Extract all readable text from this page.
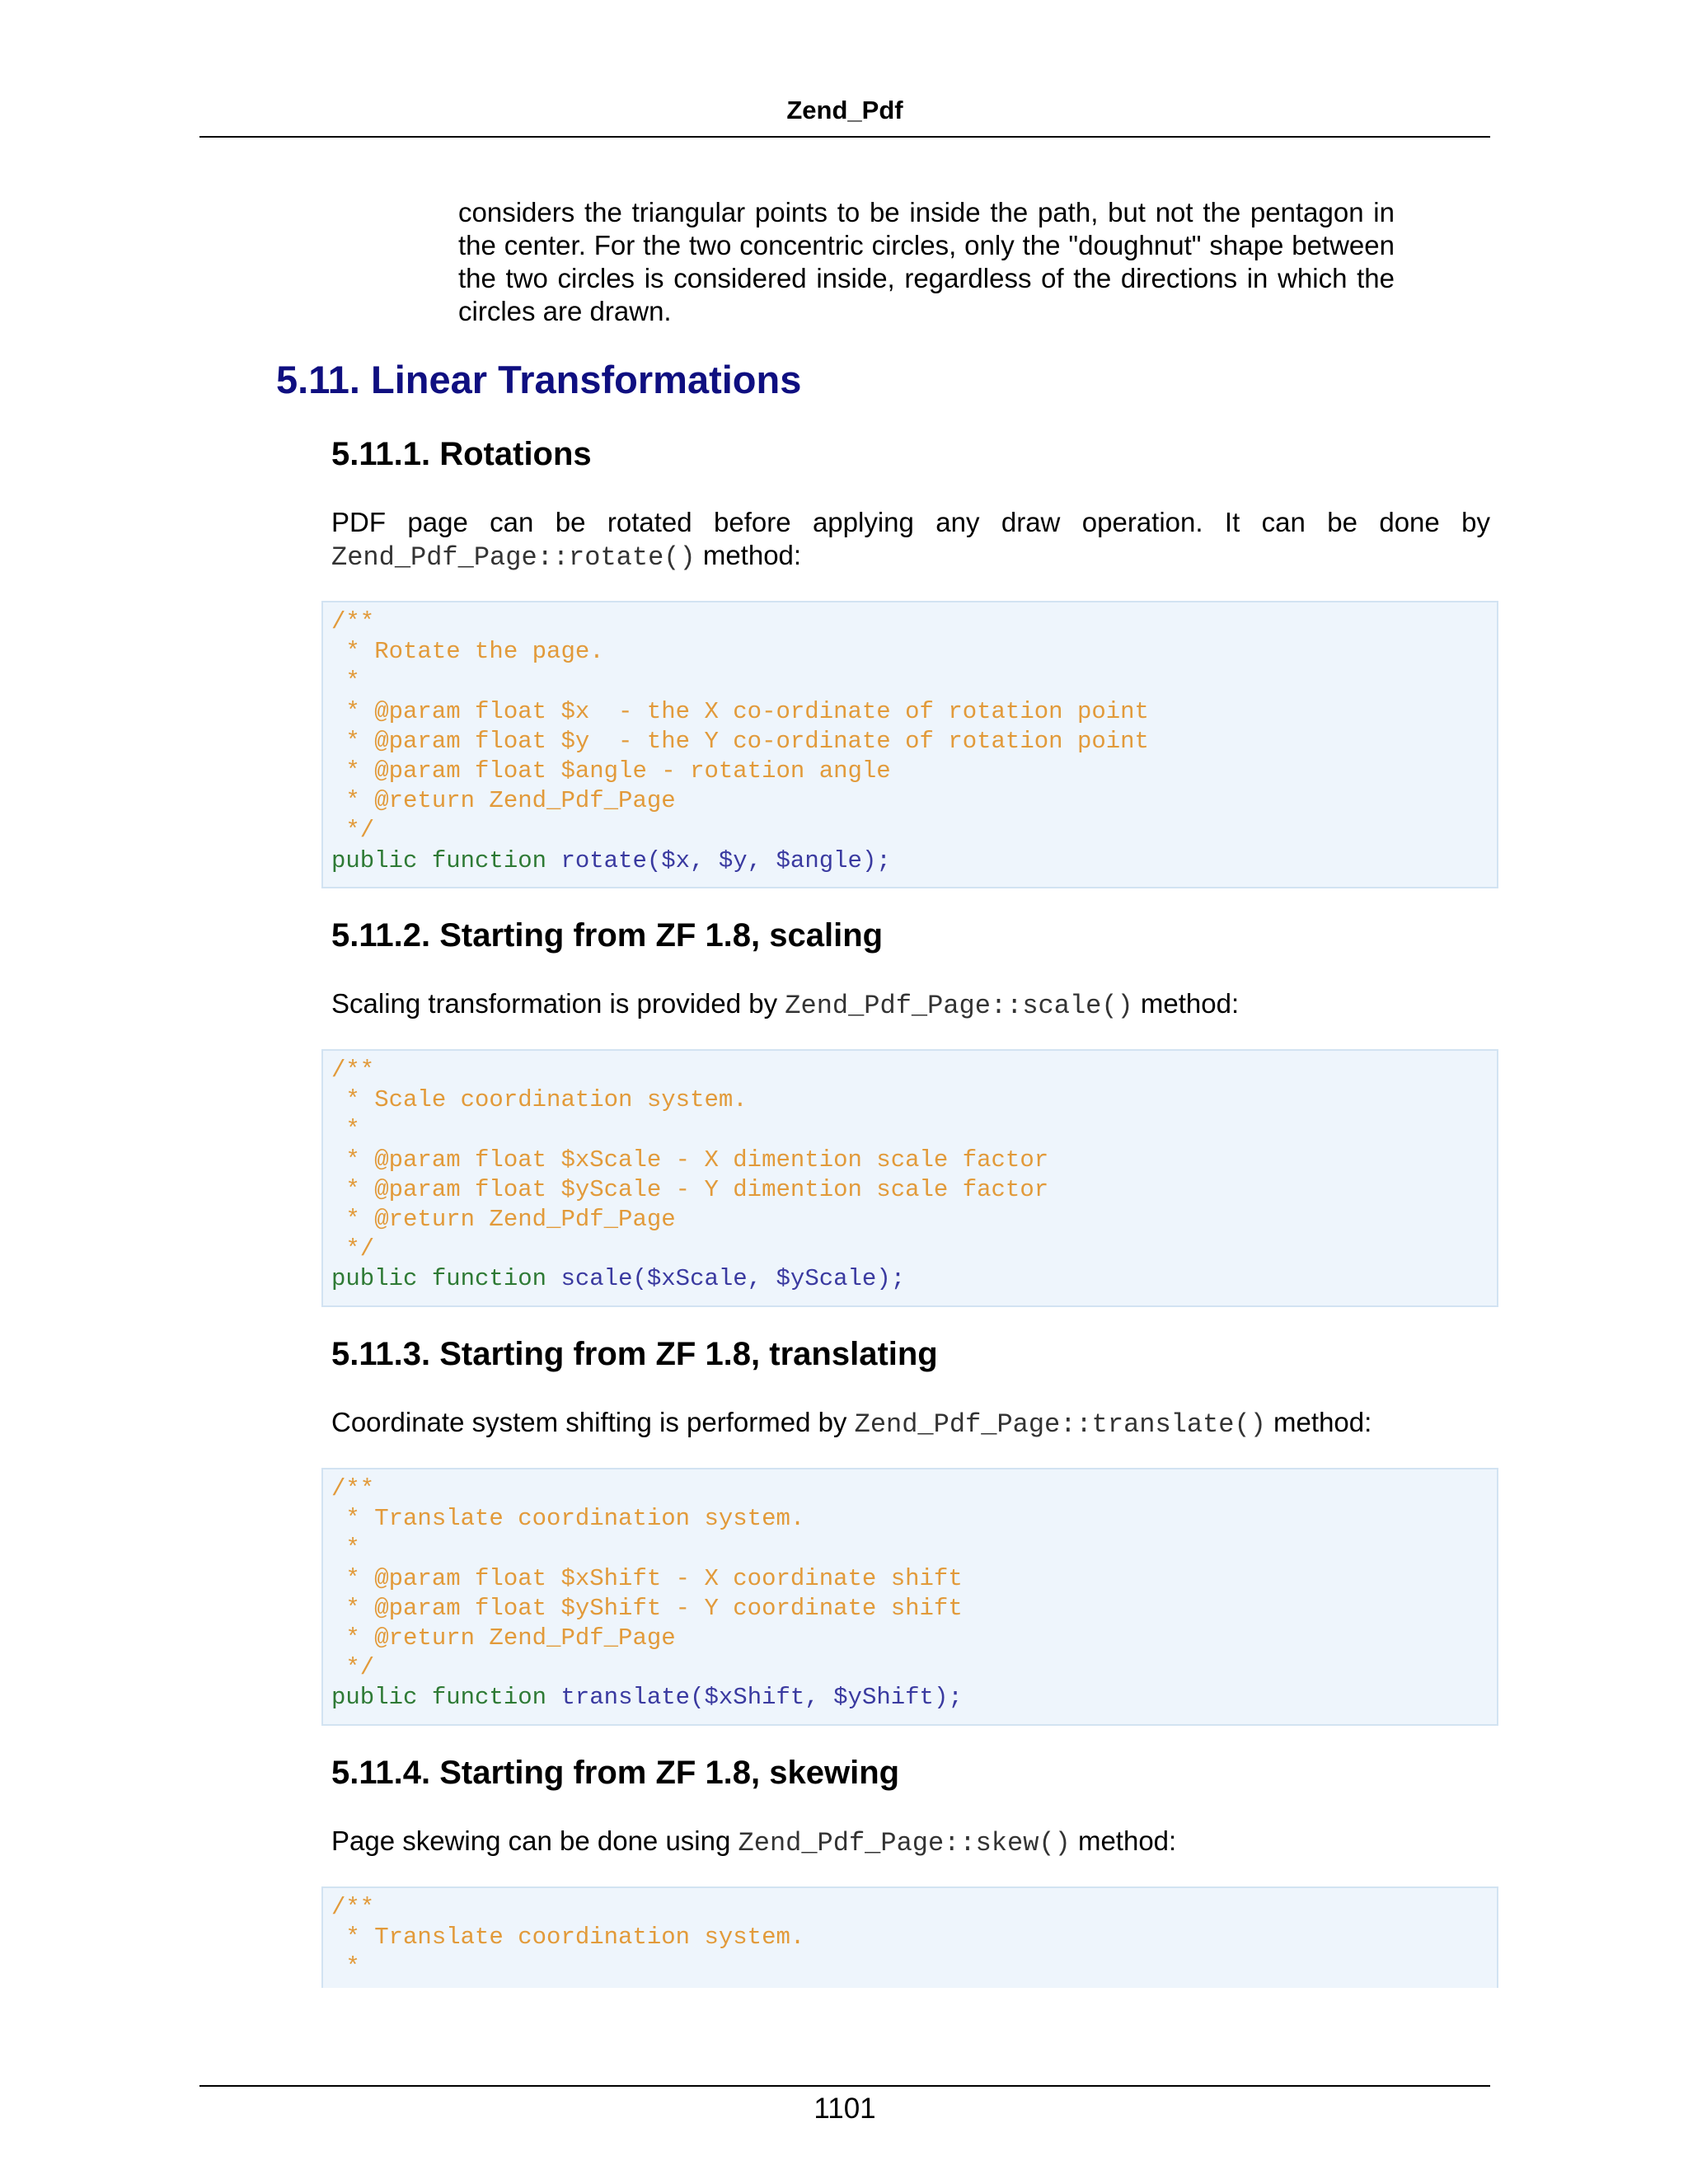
Zend_Pdf

considers the triangular points to be inside the path, but not the pentagon in the center. For the two concentric circles, only the "doughnut" shape between the two circles is considered inside, regardless of the directions in which the circles are drawn.

5.11. Linear Transformations
5.11.1. Rotations

PDF page can be rotated before applying any draw operation. It can be done by
Zend_Pdf_Page::rotate() method:

/**
* Rotate the page.
*
* @param float $x  - the X co-ordinate of rotation point
* @param float $y  - the Y co-ordinate of rotation point
* @param float $angle - rotation angle
* @return Zend_Pdf_Page
*/
public function rotate($x, $y, $angle);
5.11.2. Starting from ZF 1.8, scaling

Scaling transformation is provided by Zend_Pdf_Page::scale() method:

/**
* Scale coordination system.
*
* @param float $xScale - X dimention scale factor
* @param float $yScale - Y dimention scale factor
* @return Zend_Pdf_Page
*/
public function scale($xScale, $yScale);
5.11.3. Starting from ZF 1.8, translating

Coordinate system shifting is performed by Zend_Pdf_Page::translate() method:

/**
* Translate coordination system.
*
* @param float $xShift - X coordinate shift
* @param float $yShift - Y coordinate shift
* @return Zend_Pdf_Page
*/
public function translate($xShift, $yShift);
5.11.4. Starting from ZF 1.8, skewing

Page skewing can be done using Zend_Pdf_Page::skew() method:

/**
* Translate coordination system.
*
1101
